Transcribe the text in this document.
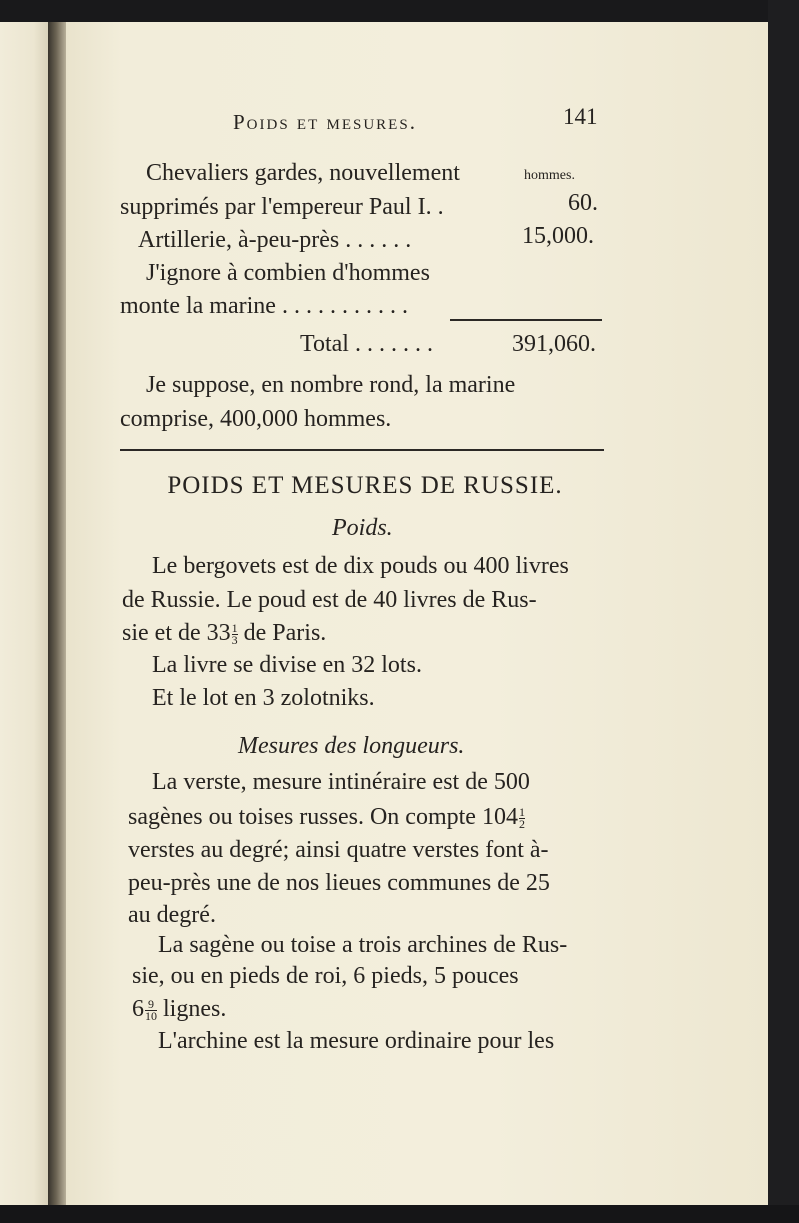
Poids et mesures.	141
Chevaliers gardes, nouvellement	hommes.
supprimés par l'empereur Paul I. .	60.
Artillerie, à-peu-près . . . . . .	15,000.
J'ignore à combien d'hommes
monte la marine . . . . . . . . . . .
Total . . . . . . .	391,060.
Je suppose, en nombre rond, la marine
comprise, 400,000 hommes.
POIDS ET MESURES DE RUSSIE.
Poids.
Le bergovets est de dix pouds ou 400 livres
de Russie. Le poud est de 40 livres de Rus-
sie et de $33 \frac{1}{3}$ de Paris.
La livre se divise en 32 lots.
Et le lot en 3 zolotniks.
Mesures des longueurs.
La verste, mesure intinéraire est de 500
sagènes ou toises russes. On compte $104 \frac{1}{2}$
verstes au degré; ainsi quatre verstes font à-
peu-près une de nos lieues communes de 25
au degré.
La sagène ou toise a trois archines de Rus-
sie, ou en pieds de roi, 6 pieds, 5 pouces
$6 \frac{9}{10}$ lignes.
L'archine est la mesure ordinaire pour les
